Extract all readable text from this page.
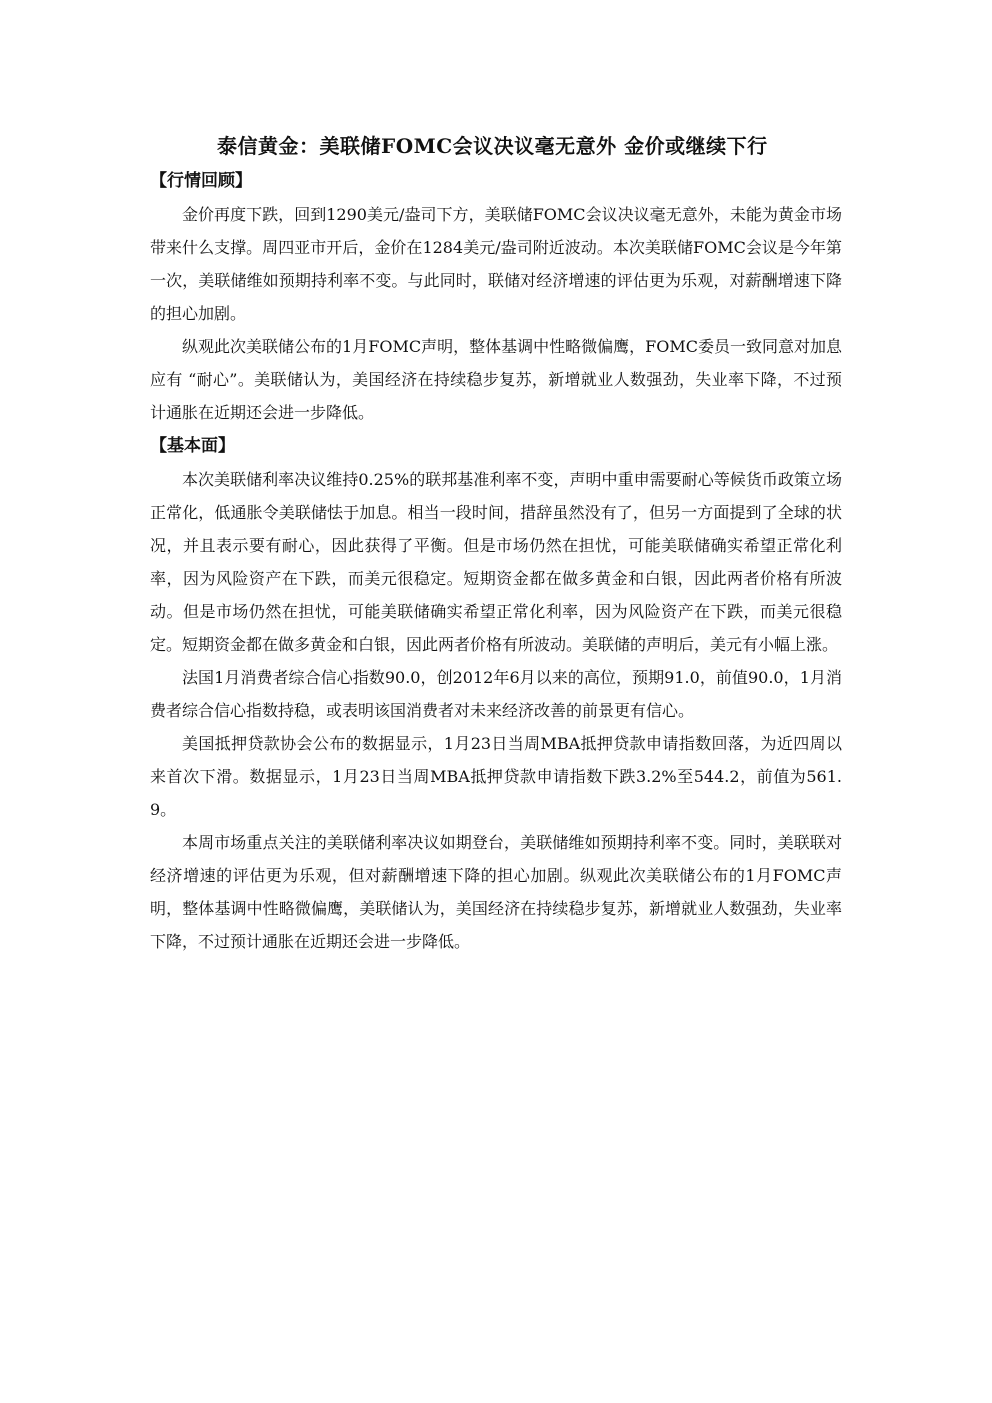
泰信黄金：美联储FOMC会议决议毫无意外 金价或继续下行
【行情回顾】

金价再度下跌，回到1290美元/盎司下方，美联储FOMC会议决议毫无意外，未能为黄金市场带来什么支撑。周四亚市开后，金价在1284美元/盎司附近波动。本次美联储FOMC会议是今年第一次，美联储维如预期持利率不变。与此同时，联储对经济增速的评估更为乐观，对薪酬增速下降的担心加剧。

纵观此次美联储公布的1月FOMC声明，整体基调中性略微偏鹰，FOMC委员一致同意对加息应有 “耐心”。美联储认为，美国经济在持续稳步复苏，新增就业人数强劲，失业率下降，不过预计通胀在近期还会进一步降低。

【基本面】

本次美联储利率决议维持0.25%的联邦基准利率不变，声明中重申需要耐心等候货币政策立场正常化，低通胀令美联储怯于加息。相当一段时间，措辞虽然没有了，但另一方面提到了全球的状况，并且表示要有耐心，因此获得了平衡。但是市场仍然在担忧，可能美联储确实希望正常化利率，因为风险资产在下跌，而美元很稳定。短期资金都在做多黄金和白银，因此两者价格有所波动。但是市场仍然在担忧，可能美联储确实希望正常化利率，因为风险资产在下跌，而美元很稳定。短期资金都在做多黄金和白银，因此两者价格有所波动。美联储的声明后，美元有小幅上涨。

法国1月消费者综合信心指数90.0，创2012年6月以来的高位，预期91.0，前值90.0，1月消费者综合信心指数持稳，或表明该国消费者对未来经济改善的前景更有信心。

美国抵押贷款协会公布的数据显示，1月23日当周MBA抵押贷款申请指数回落，为近四周以来首次下滑。数据显示，1月23日当周MBA抵押贷款申请指数下跌3.2%至544.2，前值为561.9。

本周市场重点关注的美联储利率决议如期登台，美联储维如预期持利率不变。同时，美联联对经济增速的评估更为乐观，但对薪酬增速下降的担心加剧。纵观此次美联储公布的1月FOMC声明，整体基调中性略微偏鹰，美联储认为，美国经济在持续稳步复苏，新增就业人数强劲，失业率下降，不过预计通胀在近期还会进一步降低。
